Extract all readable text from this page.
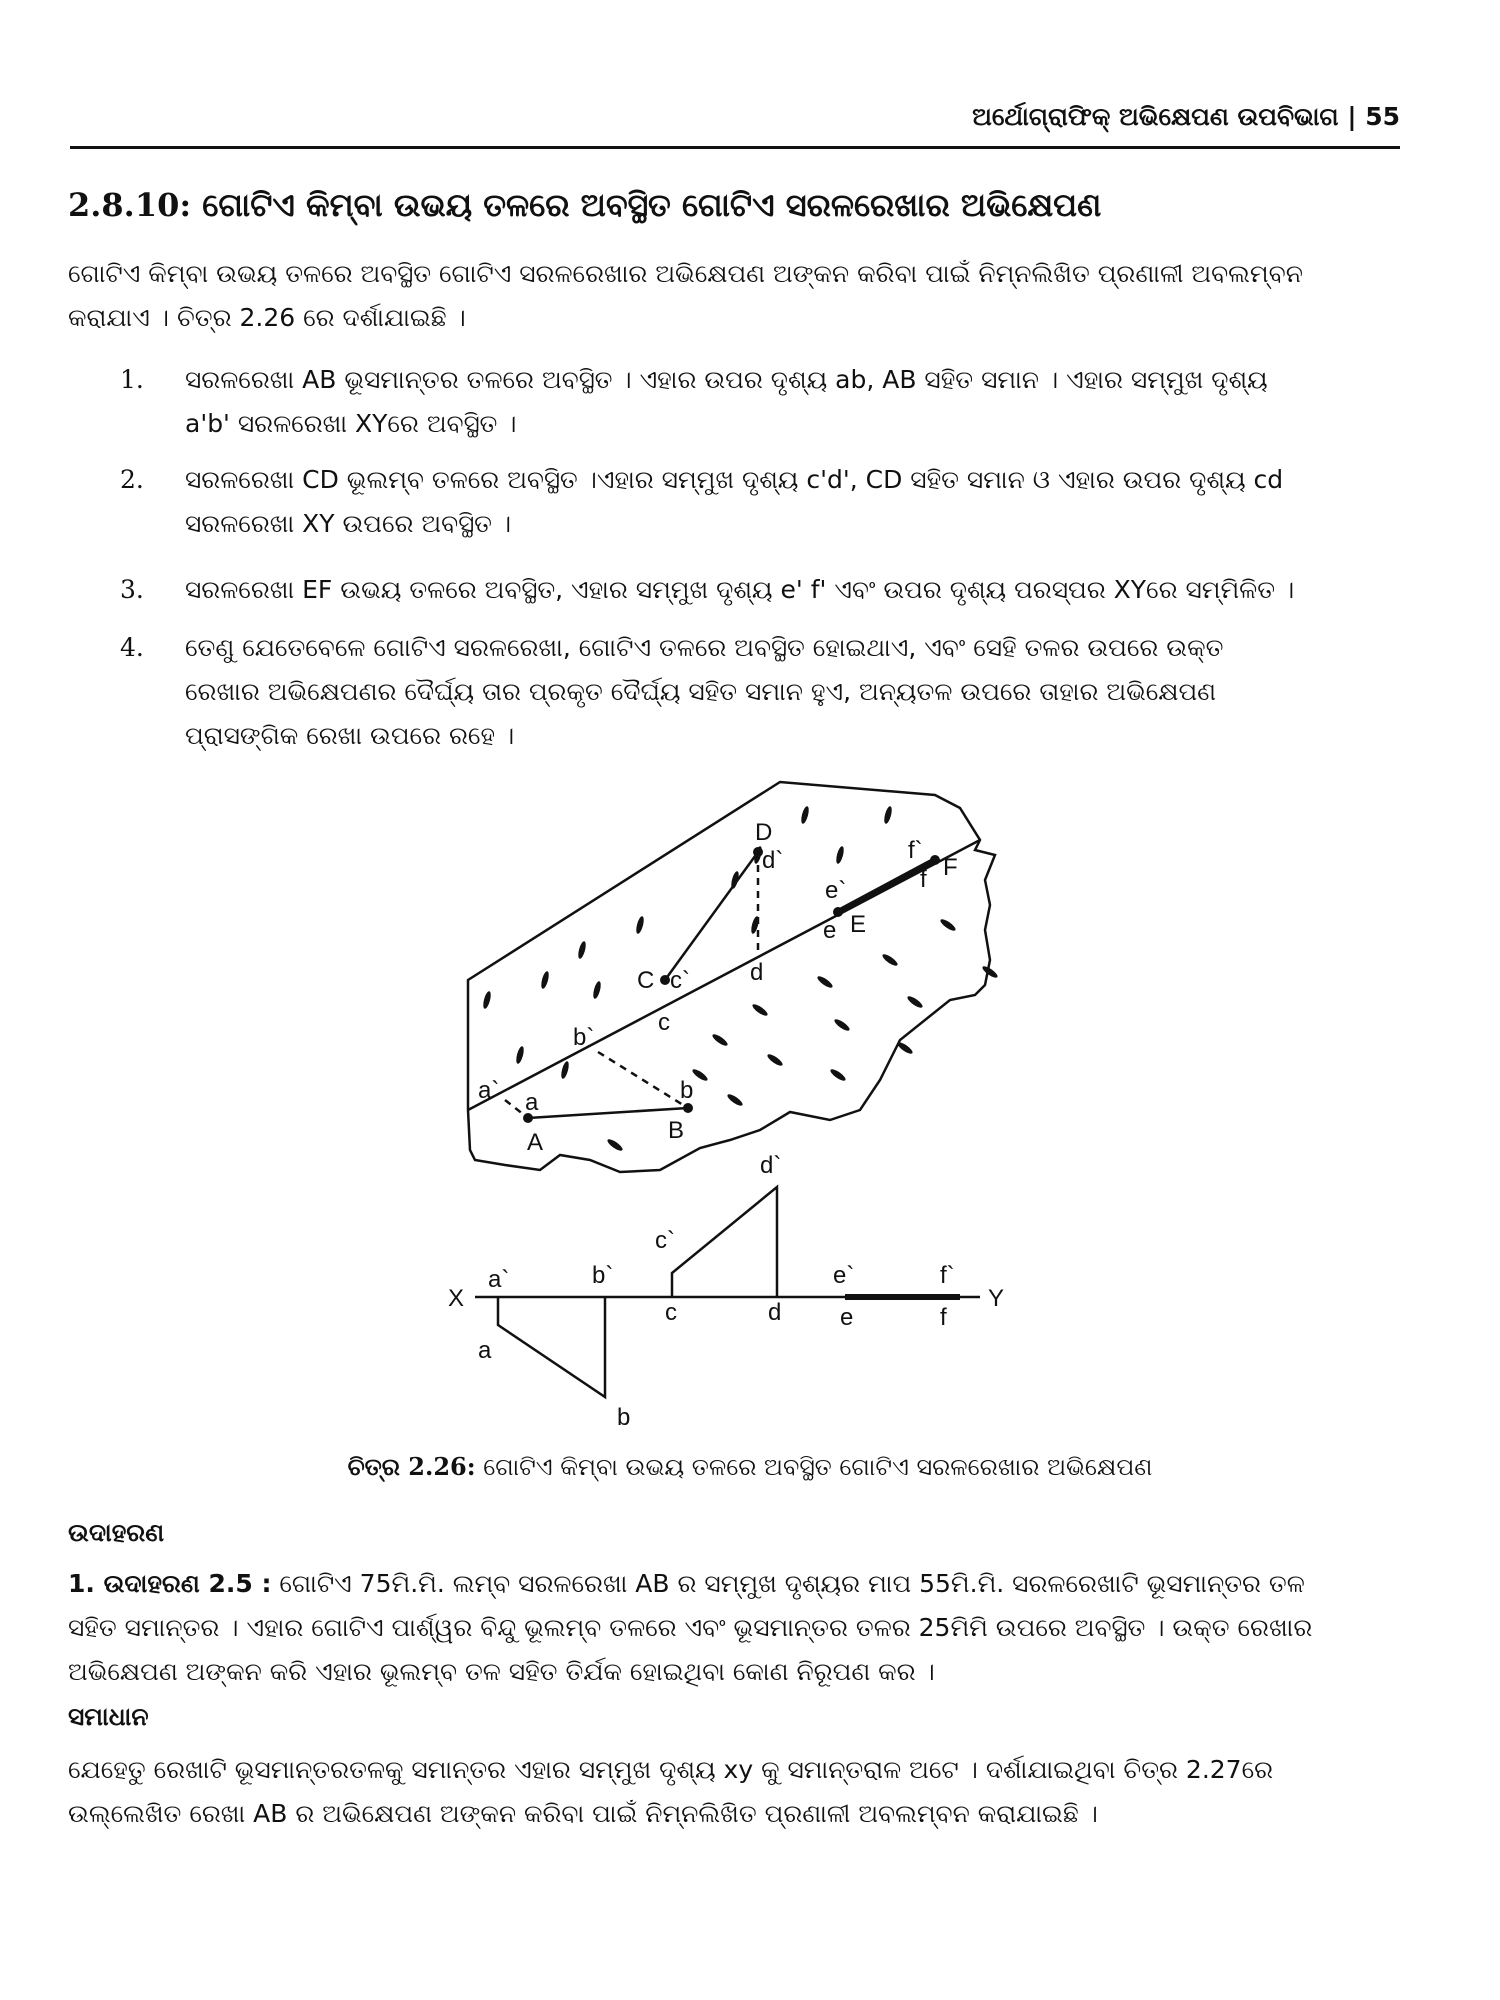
ଅର୍ଥୋଗ୍ରାଫିକ୍ ଅଭିକ୍ଷେପଣ ଉପବିଭାଗ | 55
2.8.10: ଗୋଟିଏ କିମ୍ବା ଉଭୟ ତଳରେ ଅବସ୍ଥିତ ଗୋଟିଏ ସରଳରେଖାର ଅଭିକ୍ଷେପଣ
ଗୋଟିଏ କିମ୍ବା ଉଭୟ ତଳରେ ଅବସ୍ଥିତ ଗୋଟିଏ ସରଳରେଖାର ଅଭିକ୍ଷେପଣ ଅଙ୍କନ କରିବା ପାଇଁ ନିମ୍ନଲିଖିତ ପ୍ରଣାଳୀ ଅବଲମ୍ବନ
କରାଯାଏ । ଚିତ୍ର 2.26 ରେ ଦର୍ଶାଯାଇଛି ।
1.	ସରଳରେଖା AB ଭୂସମାନ୍ତର ତଳରେ ଅବସ୍ଥିତ । ଏହାର ଉପର ଦୃଶ୍ୟ ab, AB ସହିତ ସମାନ । ଏହାର ସମ୍ମୁଖ ଦୃଶ୍ୟ
a'b' ସରଳରେଖା XYରେ ଅବସ୍ଥିତ ।
2.	ସରଳରେଖା CD ଭୂଲମ୍ବ ତଳରେ ଅବସ୍ଥିତ ।ଏହାର ସମ୍ମୁଖ ଦୃଶ୍ୟ c'd', CD ସହିତ ସମାନ ଓ ଏହାର ଉପର ଦୃଶ୍ୟ cd
ସରଳରେଖା XY ଉପରେ ଅବସ୍ଥିତ ।
3.	ସରଳରେଖା EF ଉଭୟ ତଳରେ ଅବସ୍ଥିତ, ଏହାର ସମ୍ମୁଖ ଦୃଶ୍ୟ e' f' ଏବଂ ଉପର ଦୃଶ୍ୟ ପରସ୍ପର XYରେ ସମ୍ମିଳିତ ।
4.	ତେଣୁ ଯେତେବେଳେ ଗୋଟିଏ ସରଳରେଖା, ଗୋଟିଏ ତଳରେ ଅବସ୍ଥିତ ହୋଇଥାଏ, ଏବଂ ସେହି ତଳର ଉପରେ ଉକ୍ତ
ରେଖାର ଅଭିକ୍ଷେପଣର ଦୈର୍ଘ୍ୟ ତାର ପ୍ରକୃତ ଦୈର୍ଘ୍ୟ ସହିତ ସମାନ ହୁଏ, ଅନ୍ୟତଳ ଉପରେ ତାହାର ଅଭିକ୍ଷେପଣ
ପ୍ରାସଙ୍ଗିକ ରେଖା ଉପରେ ରହେ ।
D
d`	f`
F
f
e`
e E
C c`	d
c
b`
a` a	b
A	B
X	Y
a`	b`
c`
d`
e`	f`
a
b
c	d e	f
ଚିତ୍ର 2.26: ଗୋଟିଏ କିମ୍ବା ଉଭୟ ତଳରେ ଅବସ୍ଥିତ ଗୋଟିଏ ସରଳରେଖାର ଅଭିକ୍ଷେପଣ
ଉଦାହରଣ
1. ଉଦାହରଣ 2.5 : ଗୋଟିଏ 75ମି.ମି. ଲମ୍ବ ସରଳରେଖା AB ର ସମ୍ମୁଖ ଦୃଶ୍ୟର ମାପ 55ମି.ମି. ସରଳରେଖାଟି ଭୂସମାନ୍ତର ତଳ
ସହିତ ସମାନ୍ତର । ଏହାର ଗୋଟିଏ ପାର୍ଶ୍ୱର ବିନ୍ଦୁ ଭୂଲମ୍ବ ତଳରେ ଏବଂ ଭୂସମାନ୍ତର ତଳର 25ମିମି ଉପରେ ଅବସ୍ଥିତ । ଉକ୍ତ ରେଖାର
ଅଭିକ୍ଷେପଣ ଅଙ୍କନ କରି ଏହାର ଭୂଲମ୍ବ ତଳ ସହିତ ତିର୍ଯକ ହୋଇଥିବା କୋଣ ନିରୂପଣ କର ।
ସମାଧାନ
ଯେହେତୁ ରେଖାଟି ଭୂସମାନ୍ତରତଳକୁ ସମାନ୍ତର ଏହାର ସମ୍ମୁଖ ଦୃଶ୍ୟ xy କୁ ସମାନ୍ତରାଳ ଅଟେ । ଦର୍ଶାଯାଇଥିବା ଚିତ୍ର 2.27ରେ
ଉଲ୍ଲେଖିତ ରେଖା AB ର ଅଭିକ୍ଷେପଣ ଅଙ୍କନ କରିବା ପାଇଁ ନିମ୍ନଲିଖିତ ପ୍ରଣାଳୀ ଅବଲମ୍ବନ କରାଯାଇଛି ।
